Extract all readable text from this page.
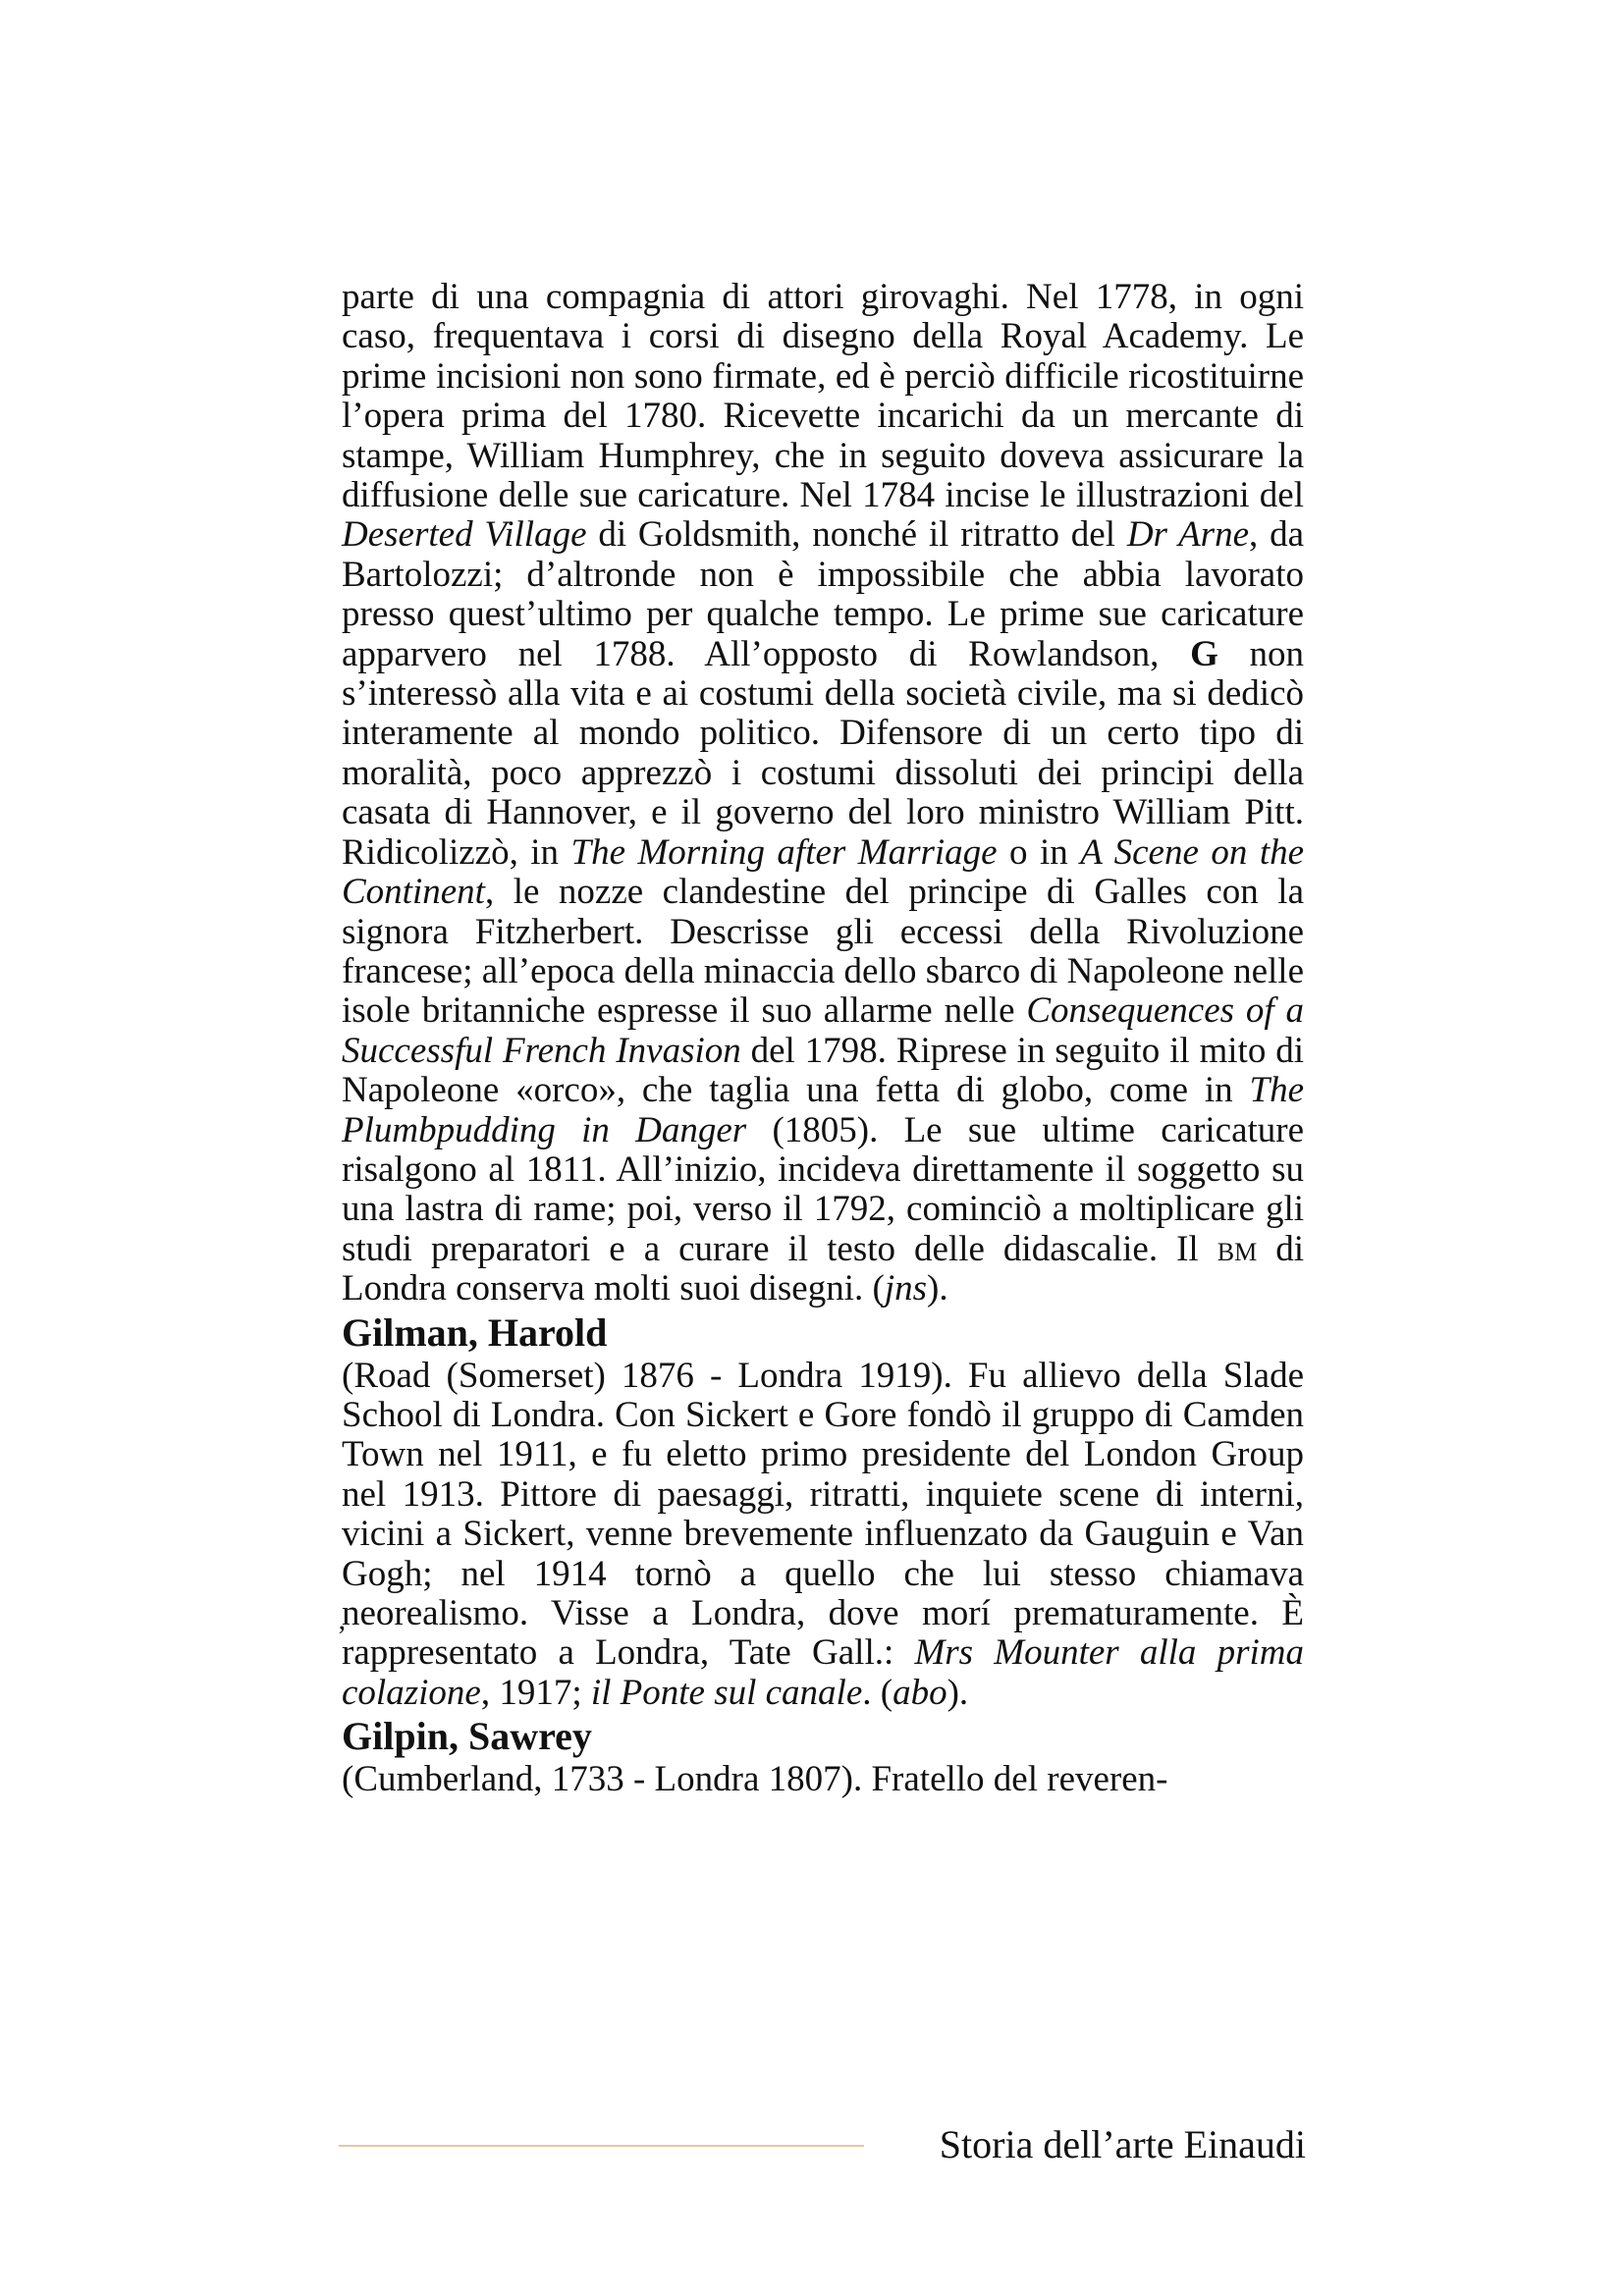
parte di una compagnia di attori girovaghi. Nel 1778, in ogni caso, frequentava i corsi di disegno della Royal Academy. Le prime incisioni non sono firmate, ed è perciò difficile ricostituirne l’opera prima del 1780. Ricevette incarichi da un mercante di stampe, William Humphrey, che in seguito doveva assicurare la diffusione delle sue caricature. Nel 1784 incise le illustrazioni del Deserted Village di Goldsmith, nonché il ritratto del Dr Arne, da Bartolozzi; d’altronde non è impossibile che abbia lavorato presso quest’ultimo per qualche tempo. Le prime sue caricature apparvero nel 1788. All’opposto di Rowlandson, G non s’interessò alla vita e ai costumi della società civile, ma si dedicò interamente al mondo politico. Difensore di un certo tipo di moralità, poco apprezzò i costumi dissoluti dei principi della casata di Hannover, e il governo del loro ministro William Pitt. Ridicolizzò, in The Morning after Marriage o in A Scene on the Continent, le nozze clandestine del principe di Galles con la signora Fitzherbert. Descrisse gli eccessi della Rivoluzione francese; all’epoca della minaccia dello sbarco di Napoleone nelle isole britanniche espresse il suo allarme nelle Consequences of a Successful French Invasion del 1798. Riprese in seguito il mito di Napoleone «orco», che taglia una fetta di globo, come in The Plumbpudding in Danger (1805). Le sue ultime caricature risalgono al 1811. All’inizio, incideva direttamente il soggetto su una lastra di rame; poi, verso il 1792, cominciò a moltiplicare gli studi preparatori e a curare il testo delle didascalie. Il bm di Londra conserva molti suoi disegni. (jns).

Gilman, Harold

(Road (Somerset) 1876 - Londra 1919). Fu allievo della Slade School di Londra. Con Sickert e Gore fondò il gruppo di Camden Town nel 1911, e fu eletto primo presidente del London Group nel 1913. Pittore di paesaggi, ritratti, inquiete scene di interni, vicini a Sickert, venne brevemente influenzato da Gauguin e Van Gogh; nel 1914 tornò a quello che lui stesso chiamava ̦neorealismo. Visse a Londra, dove morí prematuramente. È rappresentato a Londra, Tate Gall.: Mrs Mounter alla prima colazione, 1917; il Ponte sul canale. (abo).

Gilpin, Sawrey

(Cumberland, 1733 - Londra 1807). Fratello del reveren-

Storia dell’arte Einaudi
